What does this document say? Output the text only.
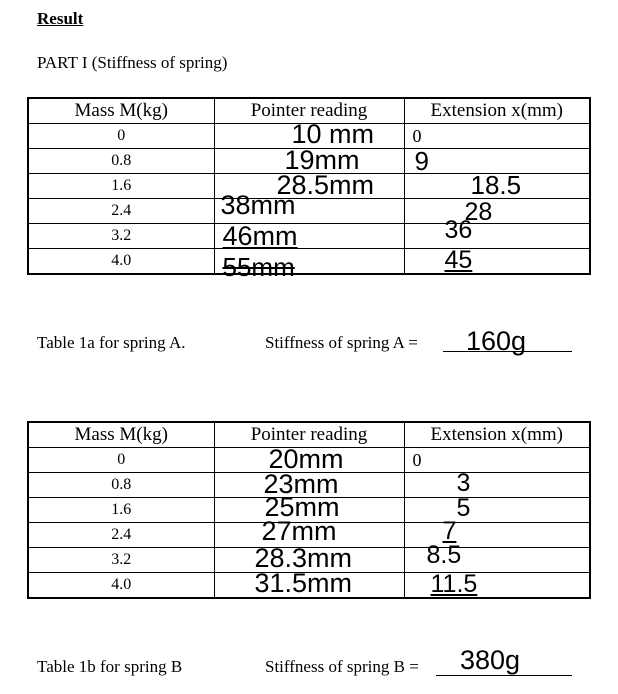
Result
PART I (Stiffness of spring)
Mass M(kg)	Pointer reading	Extension x(mm)
0	10 mm	0

0.8	19mm	9

1.6	28.5mm	18.5

2.4	38mm	28

3.2	46mm	36

4.0	55mm	45
Table 1a for spring A.	Stiffness of spring A = 160g
Mass M(kg)	Pointer reading	Extension x(mm)
0	20mm	0

0.8	23mm	3

1.6	25mm	5

2.4	27mm	7

3.2	28.3mm	8.5

4.0	31.5mm	11.5
Table 1b for spring B	Stiffness of spring B = 380g
